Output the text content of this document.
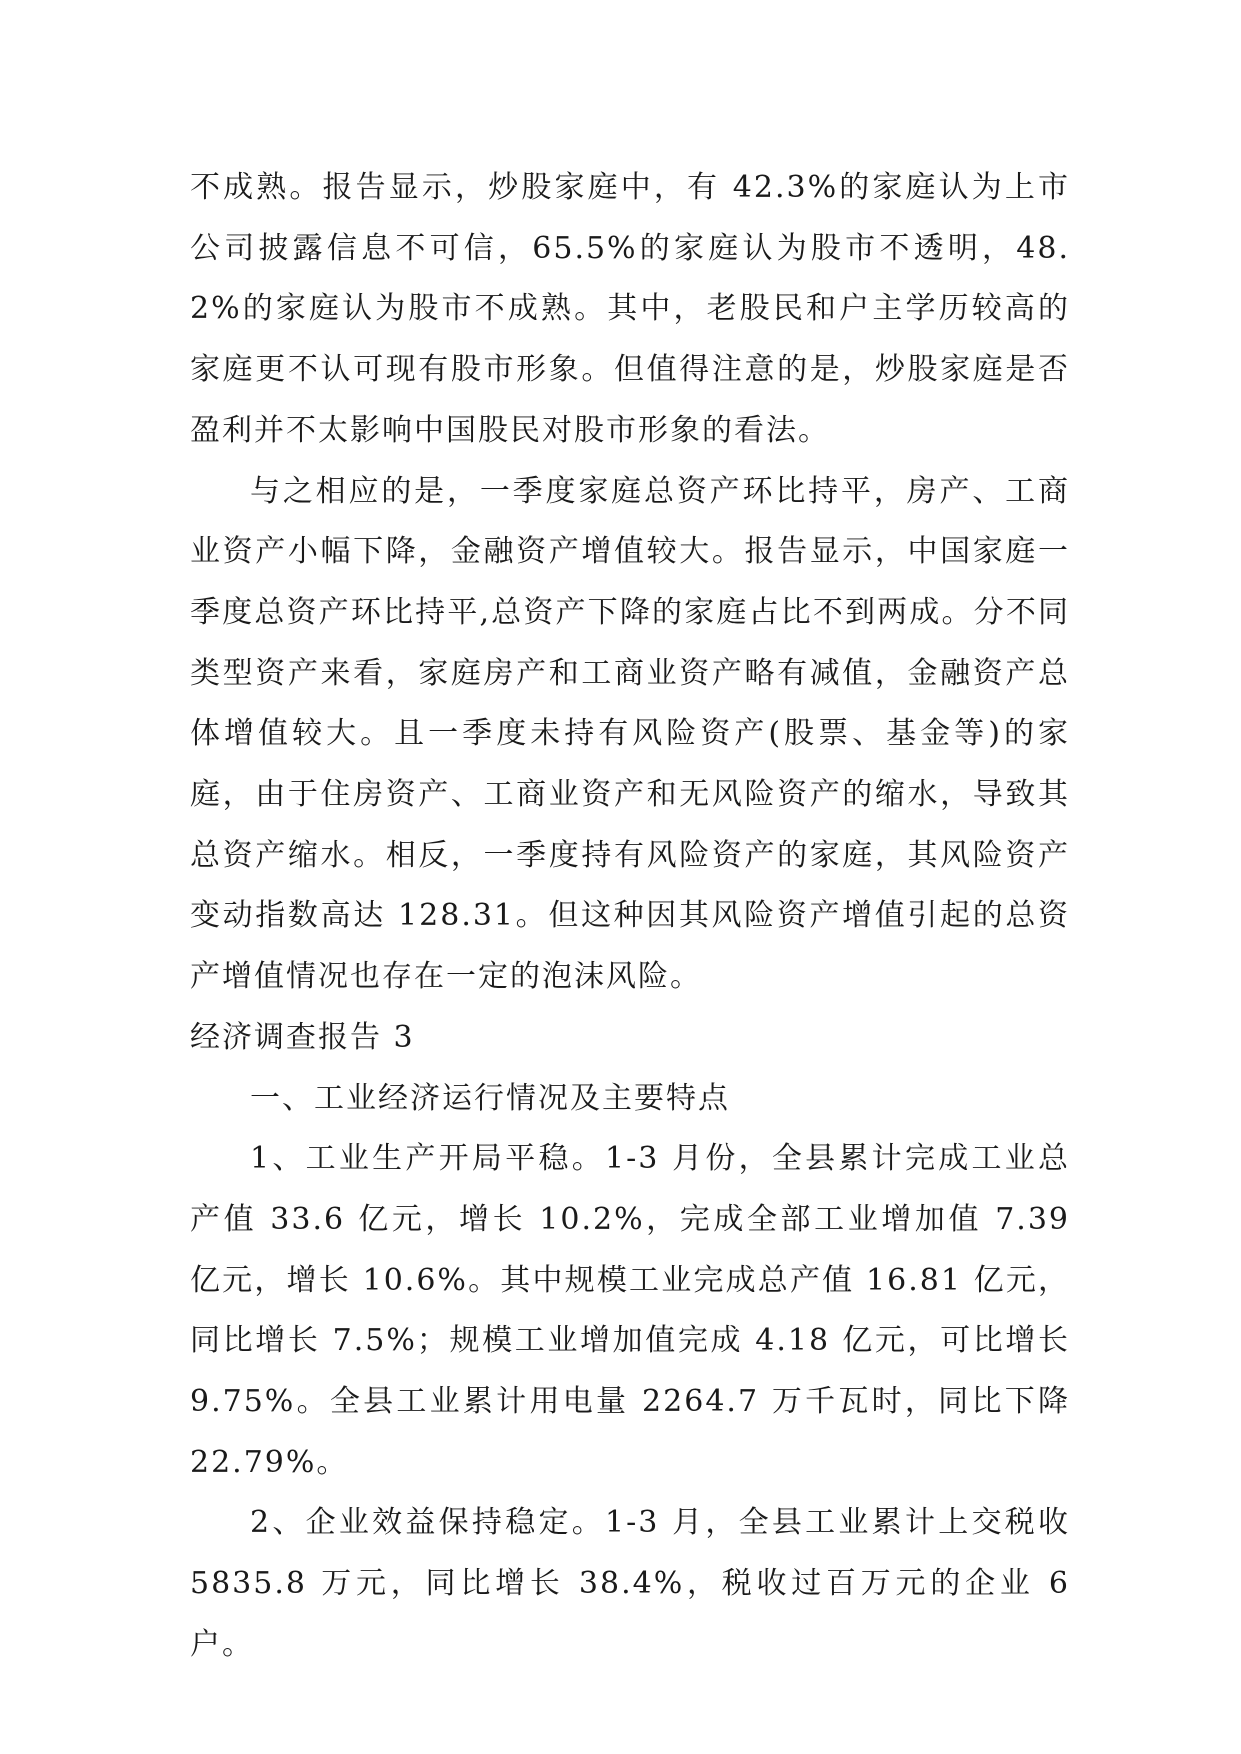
不成熟。报告显示，炒股家庭中，有 42.3%的家庭认为上市公司披露信息不可信，65.5%的家庭认为股市不透明，48.2%的家庭认为股市不成熟。其中，老股民和户主学历较高的家庭更不认可现有股市形象。但值得注意的是，炒股家庭是否盈利并不太影响中国股民对股市形象的看法。

与之相应的是，一季度家庭总资产环比持平，房产、工商业资产小幅下降，金融资产增值较大。报告显示，中国家庭一季度总资产环比持平,总资产下降的家庭占比不到两成。分不同类型资产来看，家庭房产和工商业资产略有减值，金融资产总体增值较大。且一季度未持有风险资产(股票、基金等)的家庭，由于住房资产、工商业资产和无风险资产的缩水，导致其总资产缩水。相反，一季度持有风险资产的家庭，其风险资产变动指数高达 128.31。但这种因其风险资产增值引起的总资产增值情况也存在一定的泡沫风险。

经济调查报告 3

一、工业经济运行情况及主要特点

1、工业生产开局平稳。1-3 月份，全县累计完成工业总产值 33.6 亿元，增长 10.2%，完成全部工业增加值 7.39 亿元，增长 10.6%。其中规模工业完成总产值 16.81 亿元，同比增长 7.5%；规模工业增加值完成 4.18 亿元，可比增长 9.75%。全县工业累计用电量 2264.7 万千瓦时，同比下降 22.79%。

2、企业效益保持稳定。1-3 月，全县工业累计上交税收 5835.8 万元，同比增长 38.4%，税收过百万元的企业 6 户。
